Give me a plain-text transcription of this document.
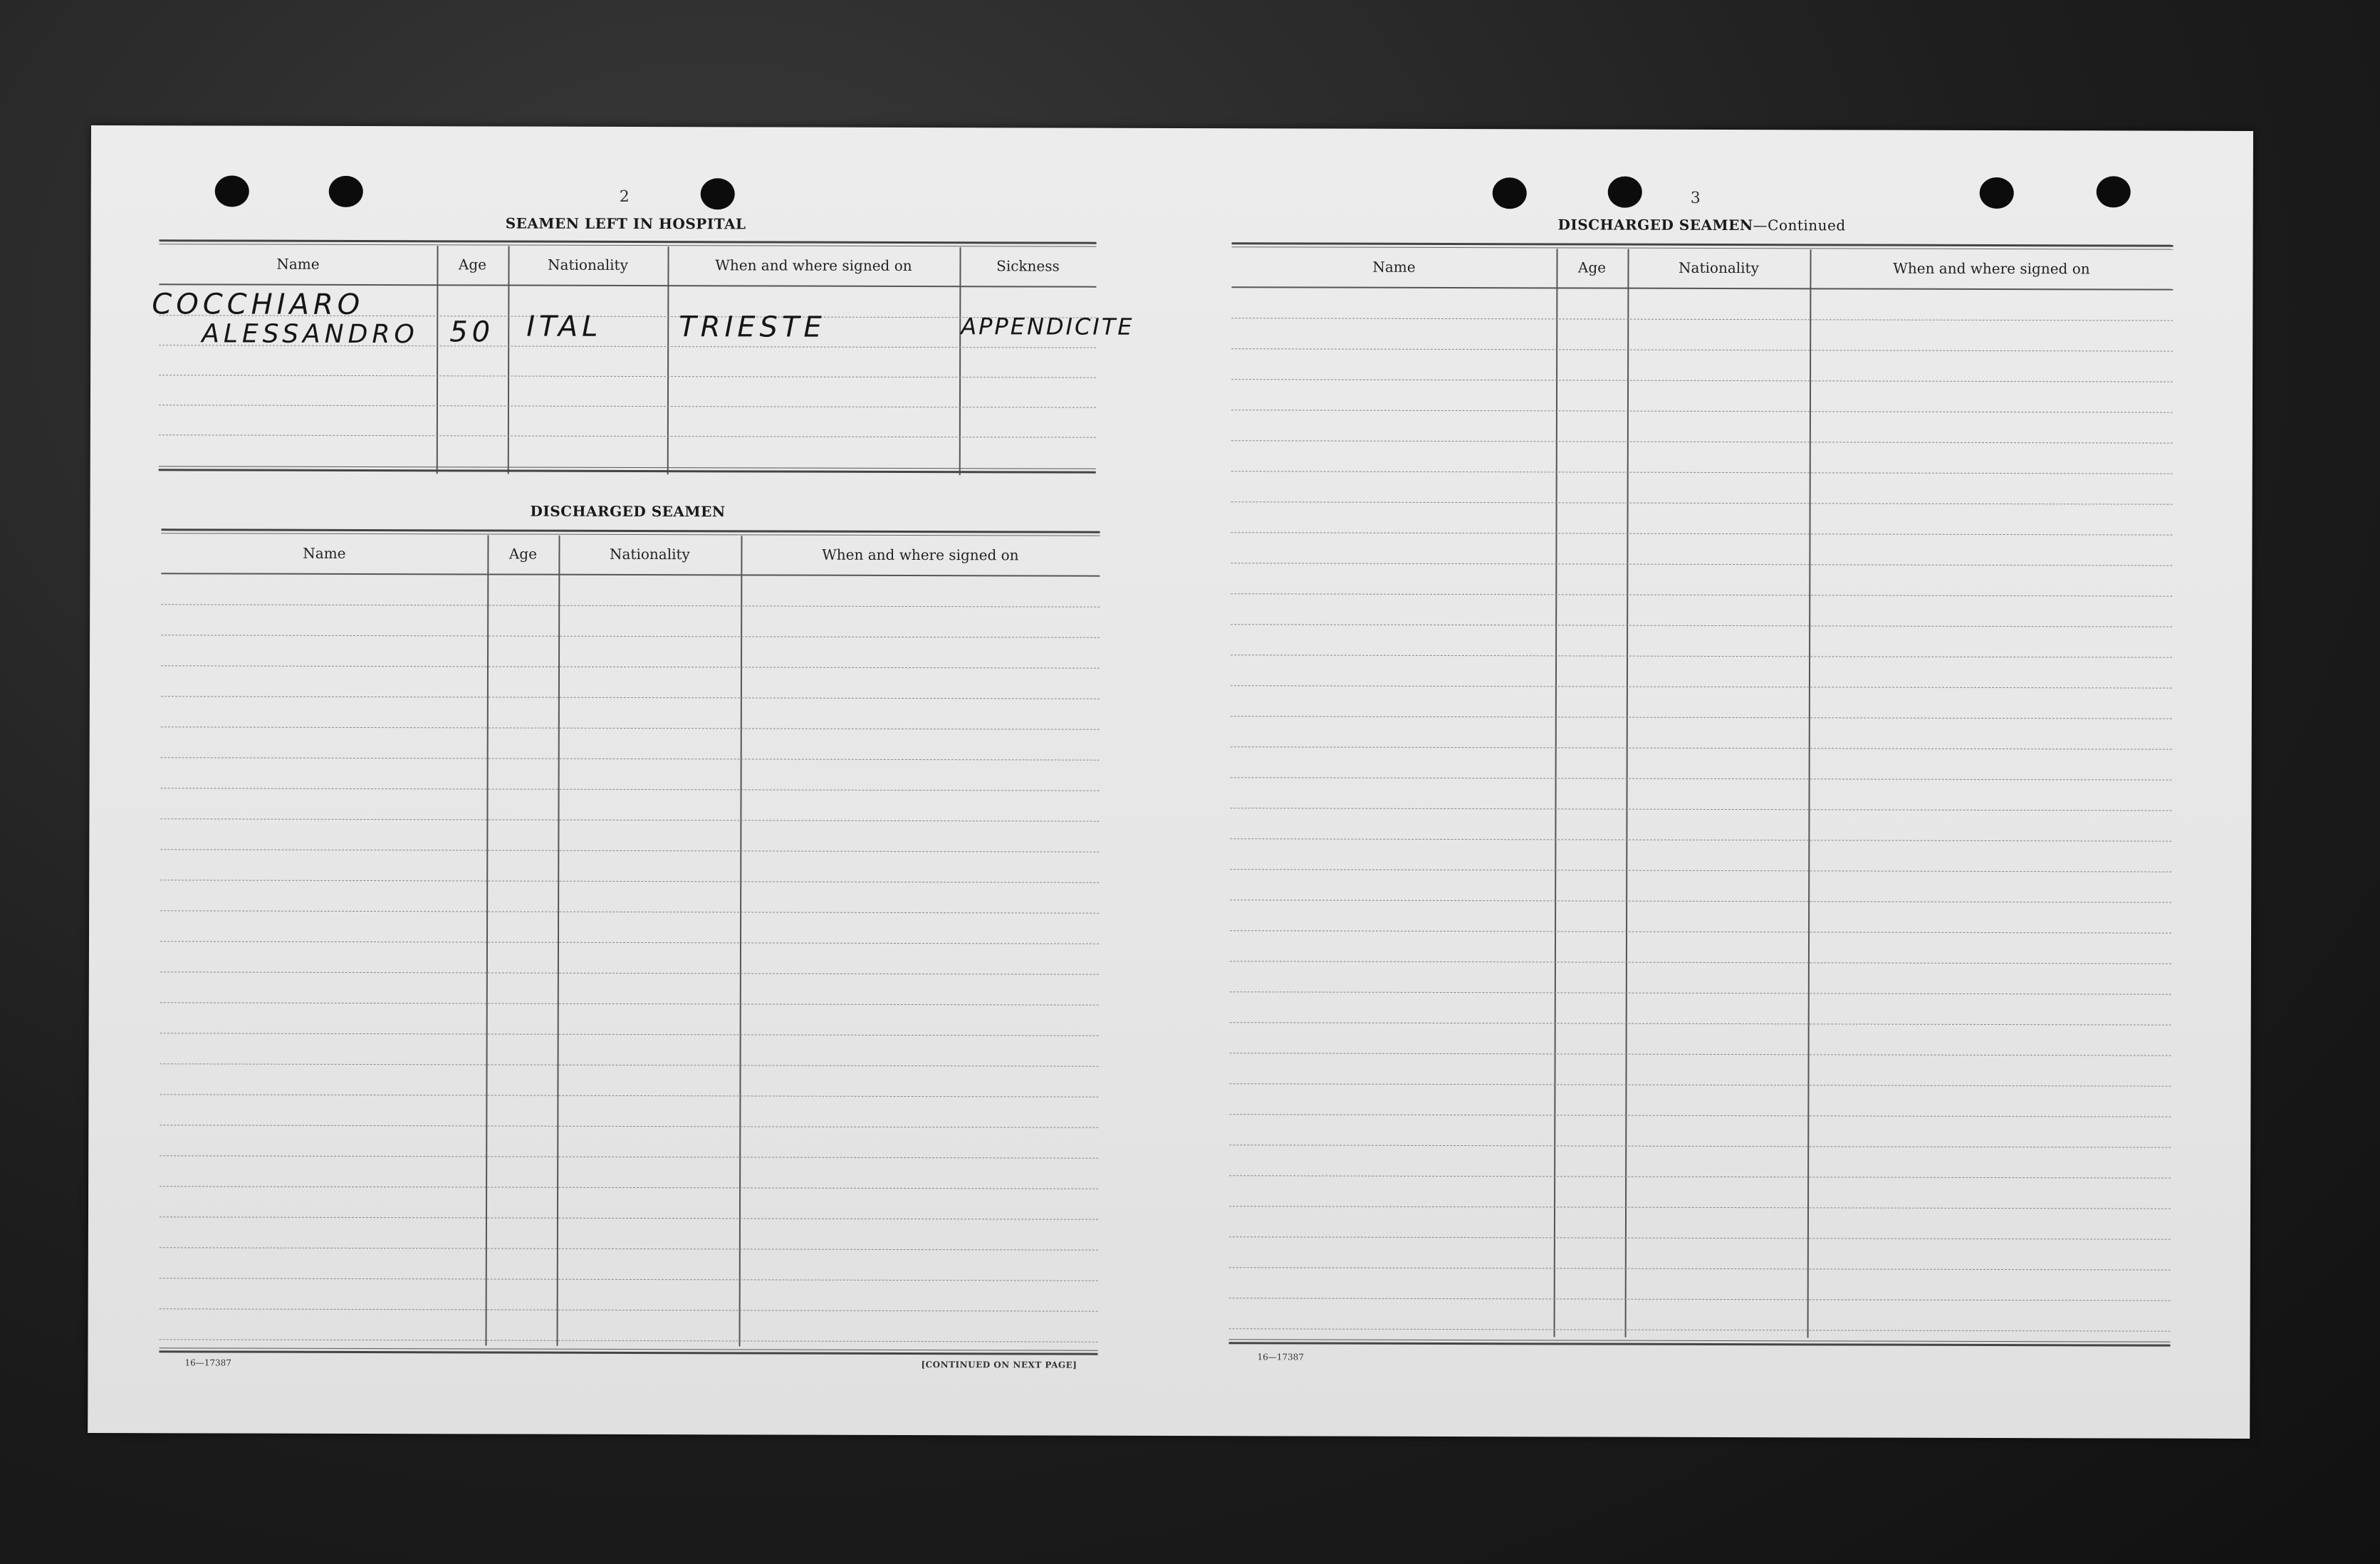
2
SEAMEN LEFT IN HOSPITAL
Name	Age	Nationality	When and where signed on	Sickness
COCCHIARO
ALESSANDRO 50 ITAL	TRIESTE	APPENDICITE
DISCHARGED SEAMEN
Name	Age	Nationality	When and where signed on
16—17387	[CONTINUED ON NEXT PAGE]
3
DISCHARGED SEAMEN—Continued
Name	Age	Nationality	When and where signed on
16—17387
